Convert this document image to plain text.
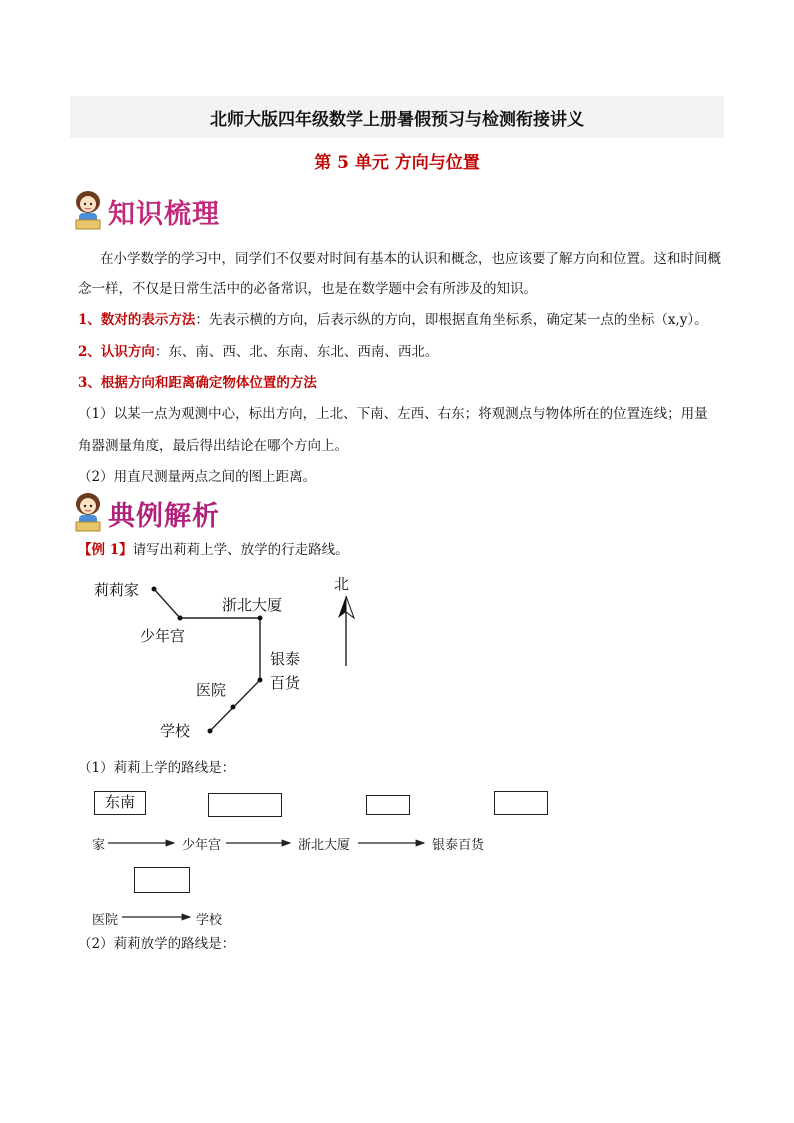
北师大版四年级数学上册暑假预习与检测衔接讲义
第 5 单元 方向与位置
知识梳理
在小学数学的学习中，同学们不仅要对时间有基本的认识和概念，也应该要了解方向和位置。这和时间概念一样，不仅是日常生活中的必备常识，也是在数学题中会有所涉及的知识。
1、数对的表示方法：先表示横的方向，后表示纵的方向，即根据直角坐标系，确定某一点的坐标（x,y）。
2、认识方向：东、南、西、北、东南、东北、西南、西北。
3、根据方向和距离确定物体位置的方法
（1）以某一点为观测中心，标出方向，上北、下南、左西、右东；将观测点与物体所在的位置连线；用量
角器测量角度，最后得出结论在哪个方向上。
（2）用直尺测量两点之间的图上距离。
典例解析
【例 1】请写出莉莉上学、放学的行走路线。
北
莉莉家
少年宫
浙北大厦
银泰
百货
医院
学校
（1）莉莉上学的路线是：
东南
家	少年宫	浙北大厦	银泰百货
医院	学校
（2）莉莉放学的路线是：
